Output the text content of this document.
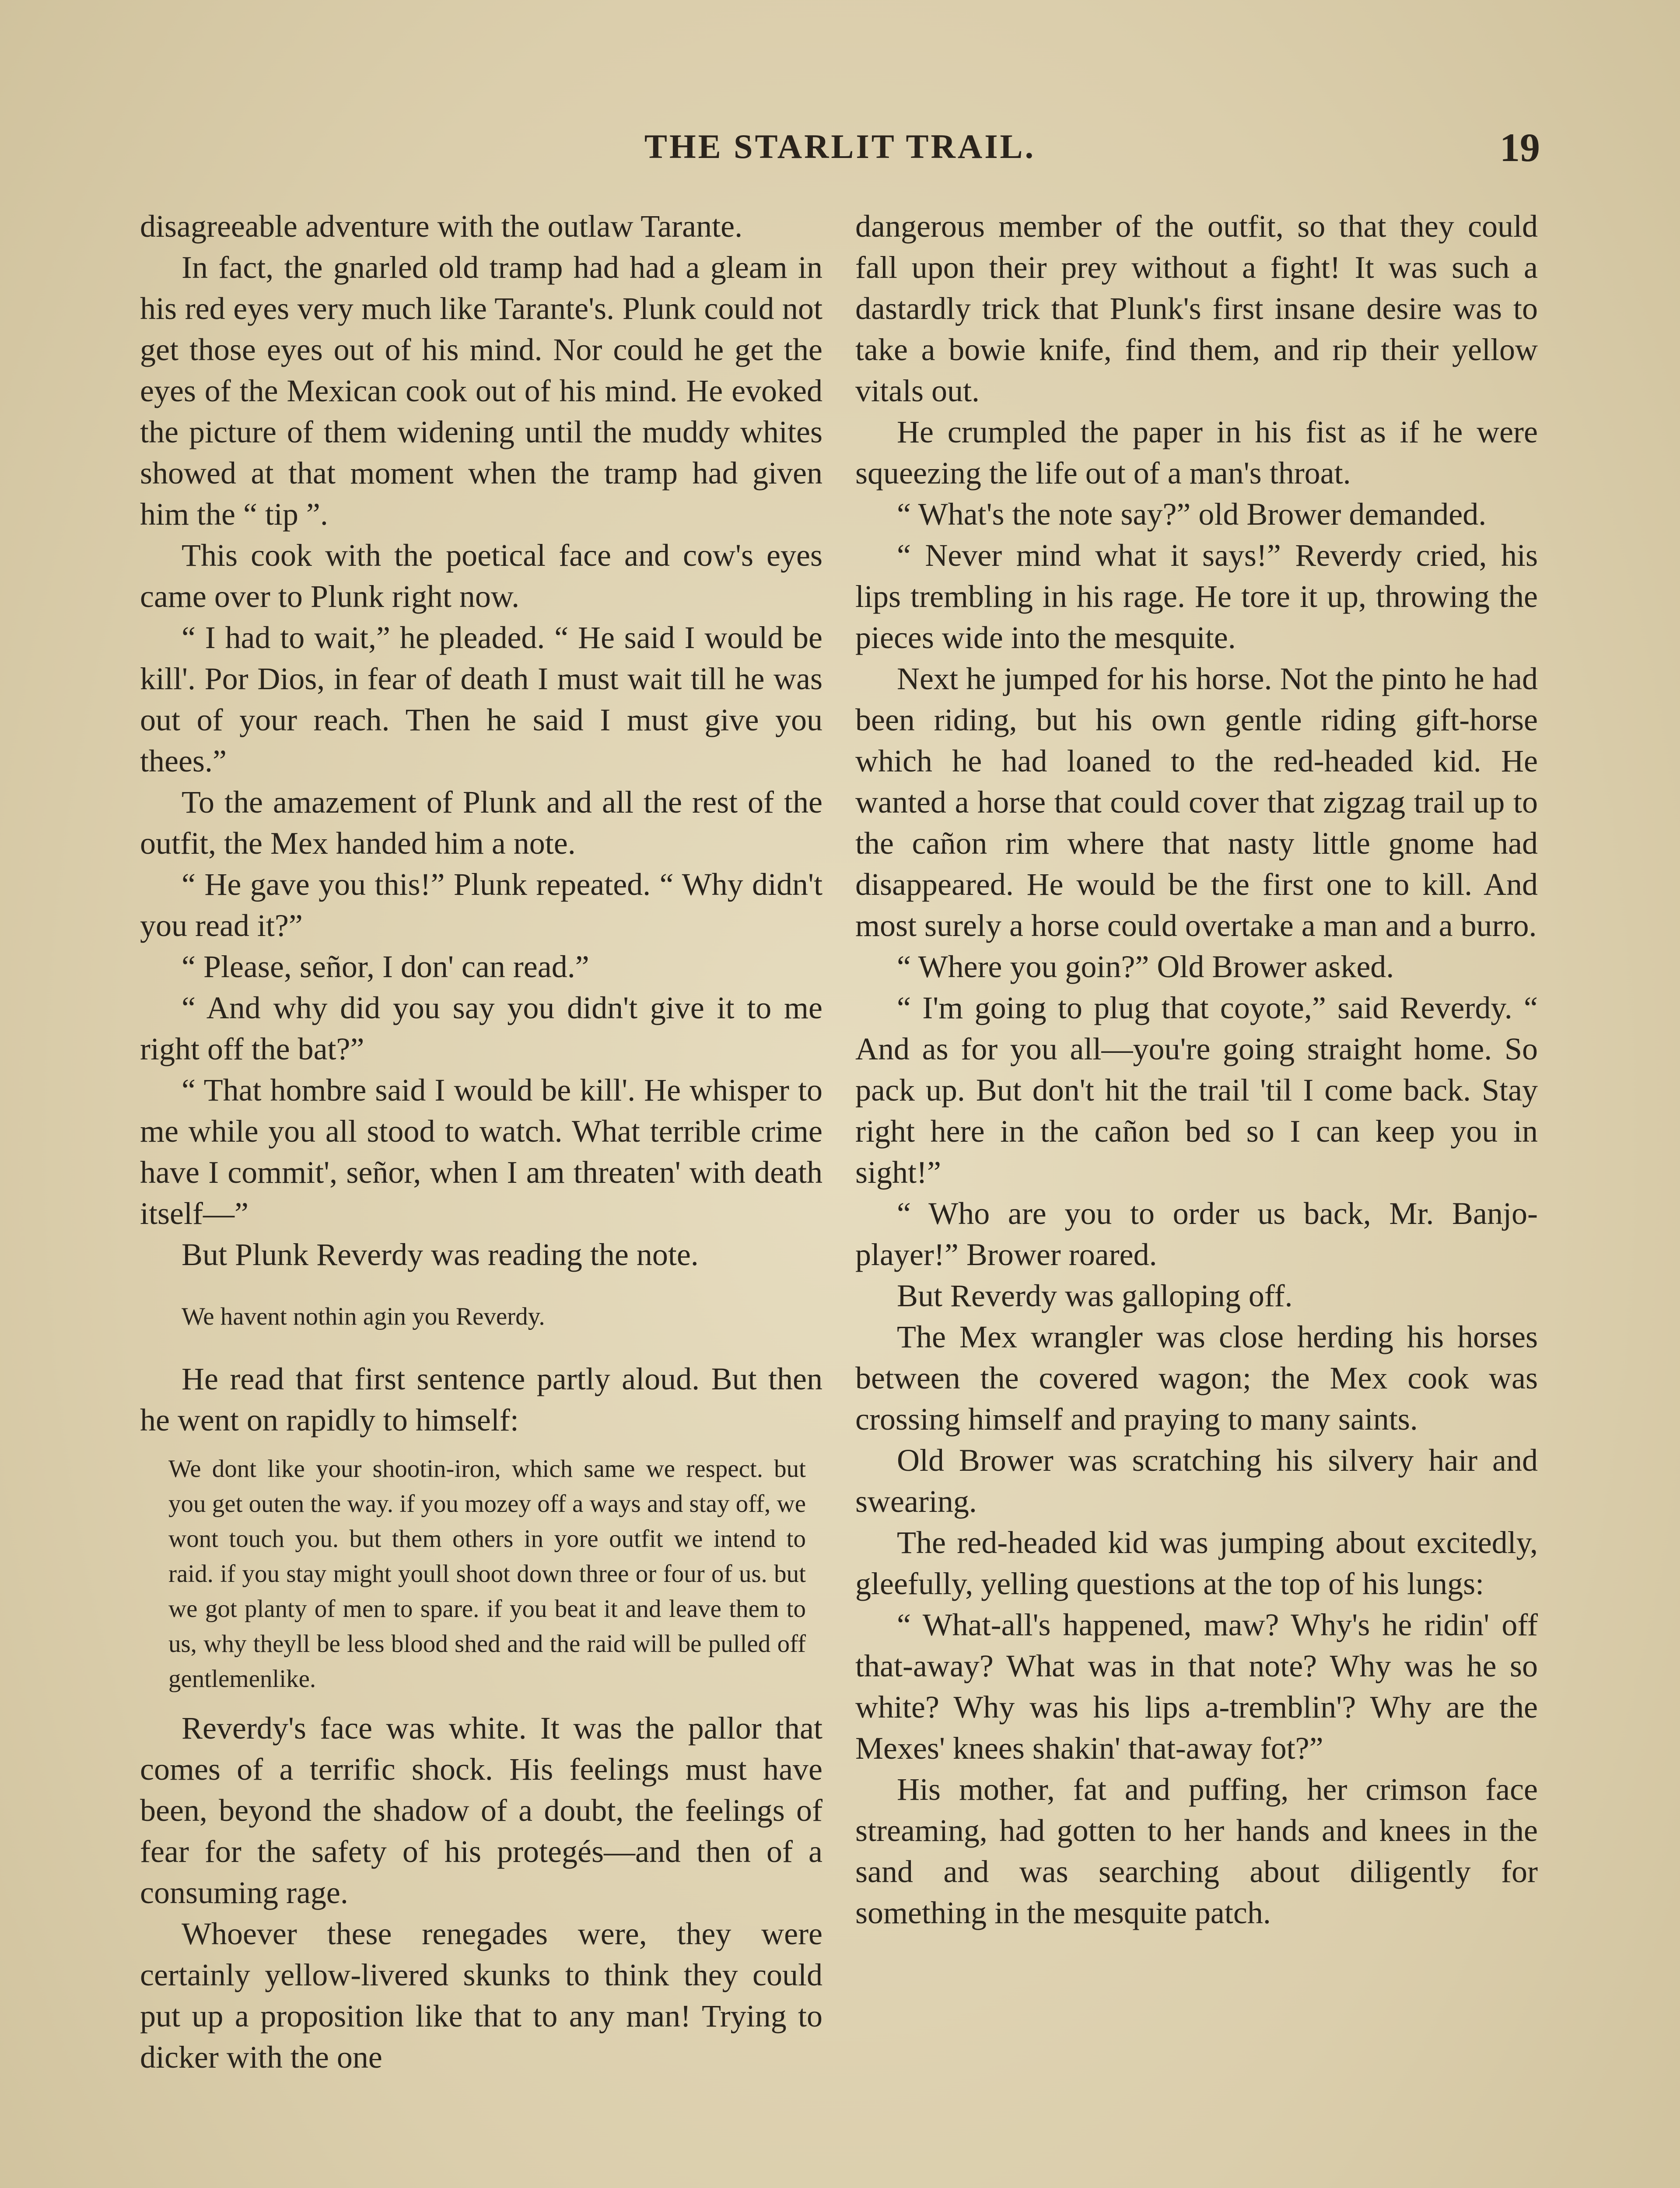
THE STARLIT TRAIL.	19

disagreeable adventure with the outlaw Tarante.

In fact, the gnarled old tramp had had a gleam in his red eyes very much like Tarante's. Plunk could not get those eyes out of his mind. Nor could he get the eyes of the Mexican cook out of his mind. He evoked the picture of them widening until the muddy whites showed at that moment when the tramp had given him the “ tip ”.

This cook with the poetical face and cow's eyes came over to Plunk right now.

“ I had to wait,” he pleaded. “ He said I would be kill'. Por Dios, in fear of death I must wait till he was out of your reach. Then he said I must give you thees.”

To the amazement of Plunk and all the rest of the outfit, the Mex handed him a note.

“ He gave you this!” Plunk repeated. “ Why didn't you read it?”

“ Please, señor, I don' can read.”

“ And why did you say you didn't give it to me right off the bat?”

“ That hombre said I would be kill'. He whisper to me while you all stood to watch. What terrible crime have I commit', señor, when I am threaten' with death itself—”

But Plunk Reverdy was reading the note.

We havent nothin agin you Reverdy.

He read that first sentence partly aloud. But then he went on rapidly to himself:

We dont like your shootin-iron, which same we respect. but you get outen the way. if you mozey off a ways and stay off, we wont touch you. but them others in yore outfit we intend to raid. if you stay might youll shoot down three or four of us. but we got planty of men to spare. if you beat it and leave them to us, why theyll be less blood shed and the raid will be pulled off gentlemenlike.

Reverdy's face was white. It was the pallor that comes of a terrific shock. His feelings must have been, beyond the shadow of a doubt, the feelings of fear for the safety of his protegés—and then of a consuming rage.

Whoever these renegades were, they were certainly yellow-livered skunks to think they could put up a proposition like that to any man! Trying to dicker with the one

dangerous member of the outfit, so that they could fall upon their prey without a fight! It was such a dastardly trick that Plunk's first insane desire was to take a bowie knife, find them, and rip their yellow vitals out.

He crumpled the paper in his fist as if he were squeezing the life out of a man's throat.

“ What's the note say?” old Brower demanded.

“ Never mind what it says!” Reverdy cried, his lips trembling in his rage. He tore it up, throwing the pieces wide into the mesquite.

Next he jumped for his horse. Not the pinto he had been riding, but his own gentle riding gift-horse which he had loaned to the red-headed kid. He wanted a horse that could cover that zigzag trail up to the cañon rim where that nasty little gnome had disappeared. He would be the first one to kill. And most surely a horse could overtake a man and a burro.

“ Where you goin?” Old Brower asked.

“ I'm going to plug that coyote,” said Reverdy. “ And as for you all—you're going straight home. So pack up. But don't hit the trail 'til I come back. Stay right here in the cañon bed so I can keep you in sight!”

“ Who are you to order us back, Mr. Banjo-player!” Brower roared.

But Reverdy was galloping off.

The Mex wrangler was close herding his horses between the covered wagon; the Mex cook was crossing himself and praying to many saints.

Old Brower was scratching his silvery hair and swearing.

The red-headed kid was jumping about excitedly, gleefully, yelling questions at the top of his lungs:

“ What-all's happened, maw? Why's he ridin' off that-away? What was in that note? Why was he so white? Why was his lips a-tremblin'? Why are the Mexes' knees shakin' that-away fot?”

His mother, fat and puffing, her crimson face streaming, had gotten to her hands and knees in the sand and was searching about diligently for something in the mesquite patch.
